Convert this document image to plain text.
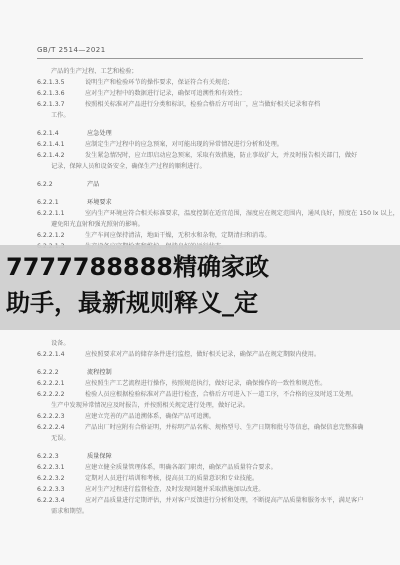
GB/T 2514—2021
产品的生产过程、工艺和检验；
6.2.1.3.5	说明生产和检验环节的操作要求，保证符合有关规范；
6.2.1.3.6	应对生产过程中的数据进行记录，确保可追溯性和有效性；
6.2.1.3.7	按照相关标准对产品进行分类和标识，检验合格后方可出厂，应当做好相关记录和存档
工作。
6.2.1.4	应急处理
6.2.1.4.1	应制定生产过程中的应急预案，对可能出现的异常情况进行分析和处理。
6.2.1.4.2	发生紧急情况时，应立即启动应急预案，采取有效措施，防止事故扩大，并及时报告相关部门，做好
记录，保障人员和设备安全，确保生产过程的顺利进行。
6.2.2	产品
6.2.2.1	环境要求
6.2.2.1.1	室内生产环境应符合相关标准要求，温度控制在适宜范围，湿度应在规定范围内，通风良好，照度在 150 lx 以上，
避免阳光直射和强光照射的影响。
6.2.2.1.2	生产车间应保持清洁，地面干燥，无积水和杂物，定期清扫和消毒。
7777788888精确家政
助手，最新规则释义_定
设备。
6.2.2.1.4	应按照要求对产品的储存条件进行监控，做好相关记录，确保产品在规定期限内使用。
6.2.2.2	流程控制
6.2.2.2.1	应按照生产工艺流程进行操作，按照规范执行，做好记录，确保操作的一致性和规范性。
6.2.2.2.2	检验人员应根据检验标准对产品进行检查，合格后方可进入下一道工序，不合格的应及时返工处理。
生产中发现异常情况应及时报告，并按照相关规定进行处理，做好记录。
6.2.2.2.3	应建立完善的产品追溯体系，确保产品可追溯。
6.2.2.2.4	产品出厂时应附有合格证明，并标明产品名称、规格型号、生产日期和批号等信息，确保信息完整准确
无误。
6.2.2.3	质量保障
6.2.2.3.1	应建立健全质量管理体系，明确各部门职责，确保产品质量符合要求。
6.2.2.3.2	定期对人员进行培训和考核，提高员工的质量意识和专业技能。
6.2.2.3.3	应对生产过程进行监督检查，及时发现问题并采取措施加以改进。
6.2.2.3.4	应对产品质量进行定期评估，并对客户反馈进行分析和处理，不断提高产品质量和服务水平，满足客户
需求和期望。
